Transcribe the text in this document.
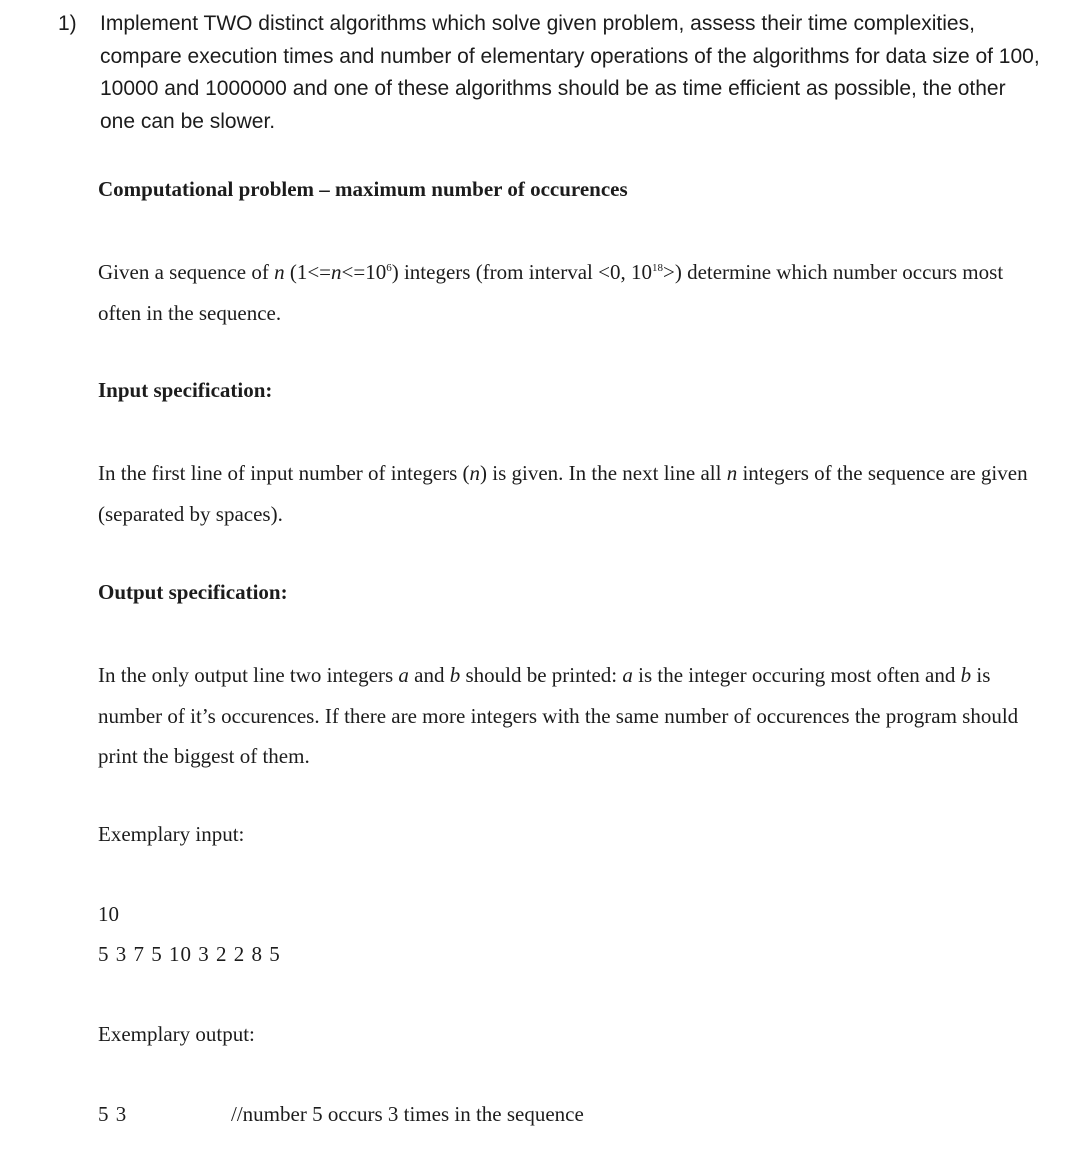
1) Implement TWO distinct algorithms which solve given problem, assess their time complexities, compare execution times and number of elementary operations of the algorithms for data size of 100, 10000 and 1000000 and one of these algorithms should be as time efficient as possible, the other one can be slower.
Computational problem – maximum number of occurences
Given a sequence of n $(1<=n<=10^6)$ integers (from interval <0, $10^{18}>$) determine which number occurs most often in the sequence.
Input specification:
In the first line of input number of integers (n) is given. In the next line all n integers of the sequence are given (separated by spaces).
Output specification:
In the only output line two integers a and b should be printed: a is the integer occuring most often and b is number of it’s occurences. If there are more integers with the same number of occurences the program should print the biggest of them.
Exemplary input:
10
5 3 7 5 10 3 2 2 8 5
Exemplary output:
5 3	//number 5 occurs 3 times in the sequence
